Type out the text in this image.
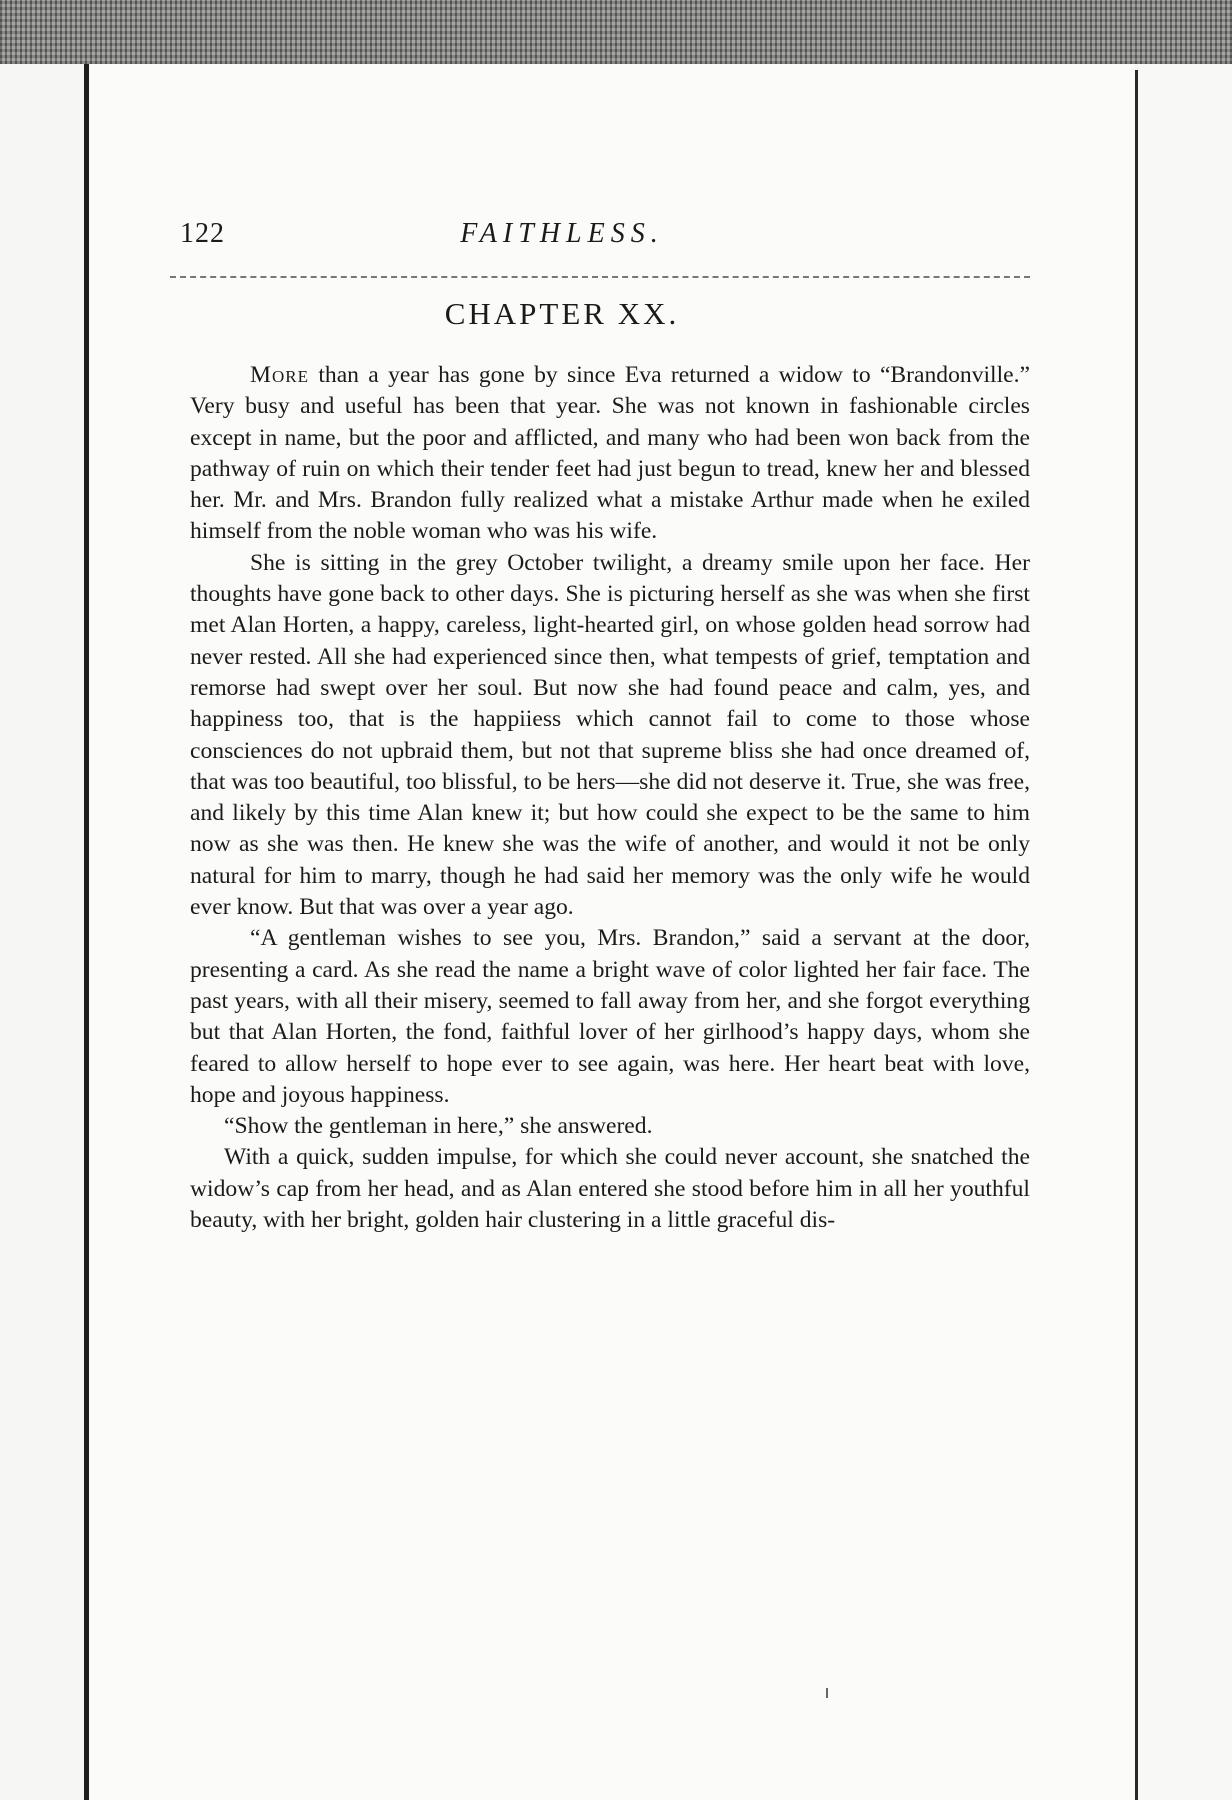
122	FAITHLESS.
CHAPTER XX.

More than a year has gone by since Eva returned a widow to “Brandonville.” Very busy and useful has been that year. She was not known in fashionable circles except in name, but the poor and afflicted, and many who had been won back from the pathway of ruin on which their tender feet had just begun to tread, knew her and blessed her. Mr. and Mrs. Brandon fully realized what a mistake Arthur made when he exiled himself from the noble woman who was his wife.

She is sitting in the grey October twilight, a dreamy smile upon her face. Her thoughts have gone back to other days. She is picturing herself as she was when she first met Alan Horten, a happy, careless, light-hearted girl, on whose golden head sorrow had never rested. All she had experienced since then, what tempests of grief, temptation and remorse had swept over her soul. But now she had found peace and calm, yes, and happiness too, that is the happiiess which cannot fail to come to those whose consciences do not upbraid them, but not that supreme bliss she had once dreamed of, that was too beautiful, too blissful, to be hers—she did not deserve it. True, she was free, and likely by this time Alan knew it; but how could she expect to be the same to him now as she was then. He knew she was the wife of another, and would it not be only natural for him to marry, though he had said her memory was the only wife he would ever know. But that was over a year ago.

“A gentleman wishes to see you, Mrs. Brandon,” said a servant at the door, presenting a card. As she read the name a bright wave of color lighted her fair face. The past years, with all their misery, seemed to fall away from her, and she forgot everything but that Alan Horten, the fond, faithful lover of her girlhood’s happy days, whom she feared to allow herself to hope ever to see again, was here. Her heart beat with love, hope and joyous happiness.

“Show the gentleman in here,” she answered.

With a quick, sudden impulse, for which she could never account, she snatched the widow’s cap from her head, and as Alan entered she stood before him in all her youthful beauty, with her bright, golden hair clustering in a little graceful dis-
